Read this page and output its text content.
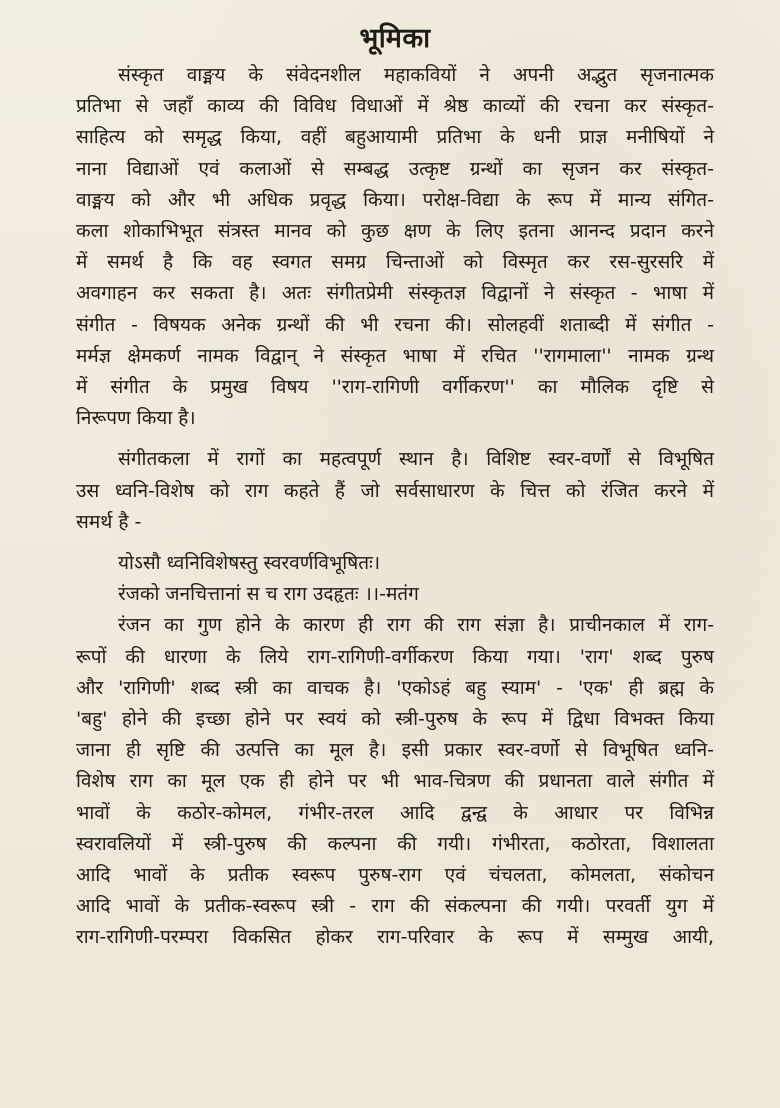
भूमिका

संस्कृत वाङ्मय के संवेदनशील महाकवियों ने अपनी अद्भुत सृजनात्मक
प्रतिभा से जहाँ काव्य की विविध विधाओं में श्रेष्ठ काव्यों की रचना कर संस्कृत-
साहित्य को समृद्ध किया, वहीं बहुआयामी प्रतिभा के धनी प्राज्ञ मनीषियों ने
नाना विद्याओं एवं कलाओं से सम्बद्ध उत्कृष्ट ग्रन्थों का सृजन कर संस्कृत-
वाङ्मय को और भी अधिक प्रवृद्ध किया। परोक्ष-विद्या के रूप में मान्य संगित-
कला शोकाभिभूत संत्रस्त मानव को कुछ क्षण के लिए इतना आनन्द प्रदान करने
में समर्थ है कि वह स्वगत समग्र चिन्ताओं को विस्मृत कर रस-सुरसरि में
अवगाहन कर सकता है। अतः संगीतप्रेमी संस्कृतज्ञ विद्वानों ने संस्कृत - भाषा में
संगीत - विषयक अनेक ग्रन्थों की भी रचना की। सोलहवीं शताब्दी में संगीत -
मर्मज्ञ क्षेमकर्ण नामक विद्वान् ने संस्कृत भाषा में रचित ''रागमाला'' नामक ग्रन्थ
में संगीत के प्रमुख विषय ''राग-रागिणी वर्गीकरण'' का मौलिक दृष्टि से
निरूपण किया है।

संगीतकला में रागों का महत्वपूर्ण स्थान है। विशिष्ट स्वर-वर्णों से विभूषित
उस ध्वनि-विशेष को राग कहते हैं जो सर्वसाधारण के चित्त को रंजित करने में
समर्थ है -

योऽसौ ध्वनिविशेषस्तु स्वरवर्णविभूषितः।
रंजको जनचित्तानां स च राग उदहृतः ।।-मतंग

रंजन का गुण होने के कारण ही राग की राग संज्ञा है। प्राचीनकाल में राग-
रूपों की धारणा के लिये राग-रागिणी-वर्गीकरण किया गया। 'राग' शब्द पुरुष
और 'रागिणी' शब्द स्त्री का वाचक है। 'एकोऽहं बहु स्याम' - 'एक' ही ब्रह्म के
'बहु' होने की इच्छा होने पर स्वयं को स्त्री-पुरुष के रूप में द्विधा विभक्त किया
जाना ही सृष्टि की उत्पत्ति का मूल है। इसी प्रकार स्वर-वर्णो से विभूषित ध्वनि-
विशेष राग का मूल एक ही होने पर भी भाव-चित्रण की प्रधानता वाले संगीत में
भावों के कठोर-कोमल, गंभीर-तरल आदि द्वन्द्व के आधार पर विभिन्न
स्वरावलियों में स्त्री-पुरुष की कल्पना की गयी। गंभीरता, कठोरता, विशालता
आदि भावों के प्रतीक स्वरूप पुरुष-राग एवं चंचलता, कोमलता, संकोचन
आदि भावों के प्रतीक-स्वरूप स्त्री - राग की संकल्पना की गयी। परवर्ती युग में
राग-रागिणी-परम्परा विकसित होकर राग-परिवार के रूप में सम्मुख आयी,
